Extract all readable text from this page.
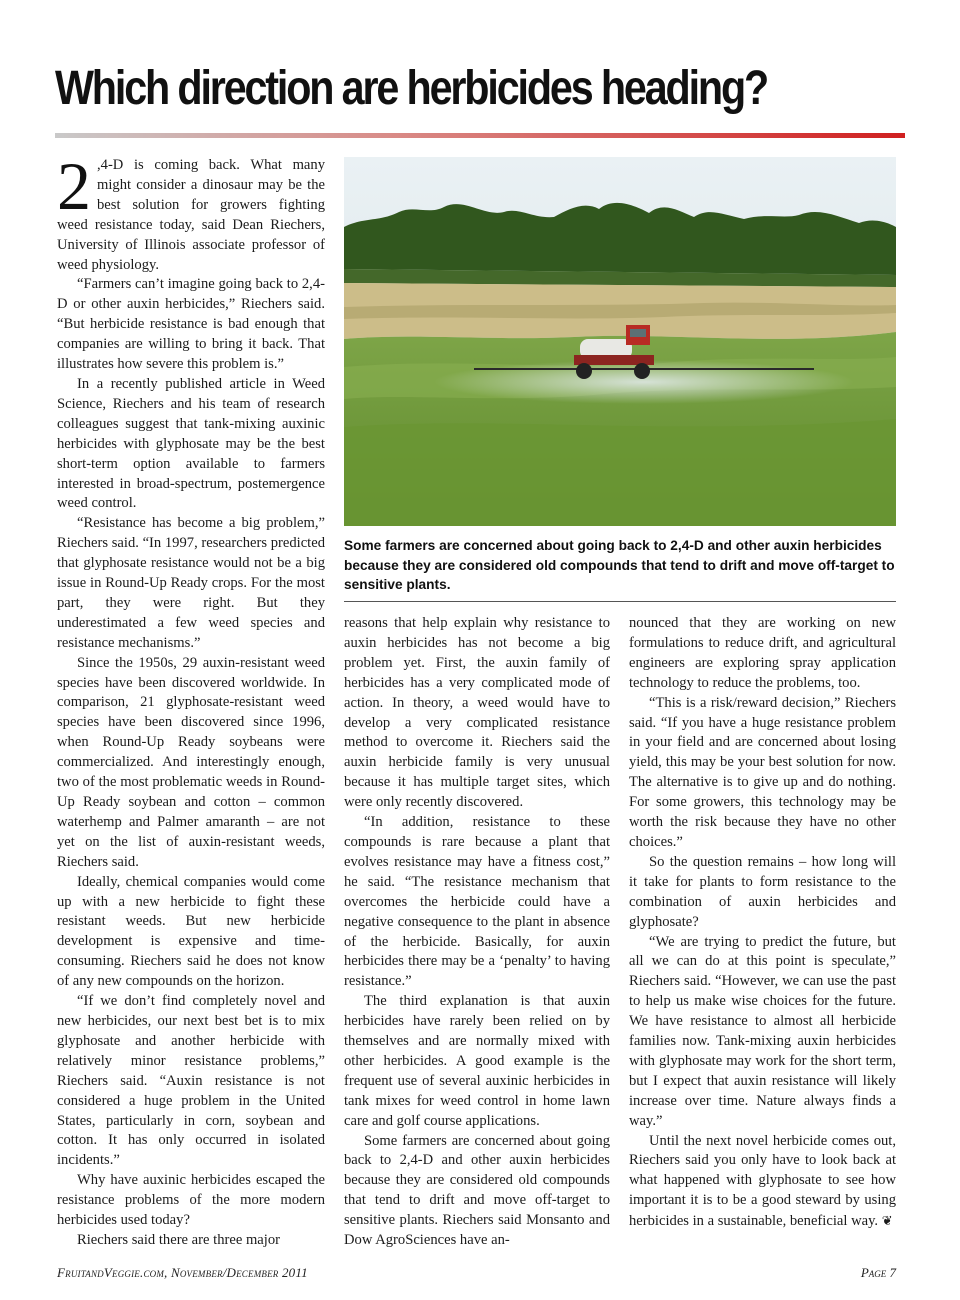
Which direction are herbicides heading?

2 ,4-D is coming back. What many might consider a dinosaur may be the best solution for growers fighting weed resistance today, said Dean Riechers, University of Illinois associate professor of weed physiology.

“Farmers can’t imagine going back to 2,4-D or other auxin herbicides,” Riechers said. “But herbicide resistance is bad enough that companies are willing to bring it back. That illustrates how severe this problem is.”

In a recently published article in Weed Science, Riechers and his team of research colleagues suggest that tank-mixing auxinic herbicides with glyphosate may be the best short-term option available to farmers interested in broad-spectrum, postemergence weed control.

“Resistance has become a big problem,” Riechers said. “In 1997, researchers predicted that glyphosate resistance would not be a big issue in Round-Up Ready crops. For the most part, they were right. But they underestimated a few weed species and resistance mechanisms.”

Since the 1950s, 29 auxin-resistant weed species have been discovered worldwide. In comparison, 21 glyphosate-resistant weed species have been discovered since 1996, when Round-Up Ready soybeans were commercialized. And interestingly enough, two of the most problematic weeds in Round-Up Ready soybean and cotton – common waterhemp and Palmer amaranth – are not yet on the list of auxin-resistant weeds, Riechers said.

Ideally, chemical companies would come up with a new herbicide to fight these resistant weeds. But new herbicide development is expensive and time-consuming. Riechers said he does not know of any new compounds on the horizon.

“If we don’t find completely novel and new herbicides, our next best bet is to mix glyphosate and another herbicide with relatively minor resistance problems,” Riechers said. “Auxin resistance is not considered a huge problem in the United States, particularly in corn, soybean and cotton. It has only occurred in isolated incidents.”

Why have auxinic herbicides escaped the resistance problems of the more modern herbicides used today?

Riechers said there are three major

Some farmers are concerned about going back to 2,4-D and other auxin herbicides because they are considered old compounds that tend to drift and move off-target to sensitive plants.

reasons that help explain why resistance to auxin herbicides has not become a big problem yet. First, the auxin family of herbicides has a very complicated mode of action. In theory, a weed would have to develop a very complicated resistance method to overcome it. Riechers said the auxin herbicide family is very unusual because it has multiple target sites, which were only recently discovered.

“In addition, resistance to these compounds is rare because a plant that evolves resistance may have a fitness cost,” he said. “The resistance mechanism that overcomes the herbicide could have a negative consequence to the plant in absence of the herbicide. Basically, for auxin herbicides there may be a ‘penalty’ to having resistance.”

The third explanation is that auxin herbicides have rarely been relied on by themselves and are normally mixed with other herbicides. A good example is the frequent use of several auxinic herbicides in tank mixes for weed control in home lawn care and golf course applications.

Some farmers are concerned about going back to 2,4-D and other auxin herbicides because they are considered old compounds that tend to drift and move off-target to sensitive plants. Riechers said Monsanto and Dow AgroSciences have an-

nounced that they are working on new formulations to reduce drift, and agricultural engineers are exploring spray application technology to reduce the problems, too.

“This is a risk/reward decision,” Riechers said. “If you have a huge resistance problem in your field and are concerned about losing yield, this may be your best solution for now. The alternative is to give up and do nothing. For some growers, this technology may be worth the risk because they have no other choices.”

So the question remains – how long will it take for plants to form resistance to the combination of auxin herbicides and glyphosate?

“We are trying to predict the future, but all we can do at this point is speculate,” Riechers said. “However, we can use the past to help us make wise choices for the future. We have resistance to almost all herbicide families now. Tank-mixing auxin herbicides with glyphosate may work for the short term, but I expect that auxin resistance will likely increase over time. Nature always finds a way.”

Until the next novel herbicide comes out, Riechers said you only have to look back at what happened with glyphosate to see how important it is to be a good steward by using herbicides in a sustainable, beneficial way. ❦

FruitandVeggie.com, November/December 2011	Page 7
